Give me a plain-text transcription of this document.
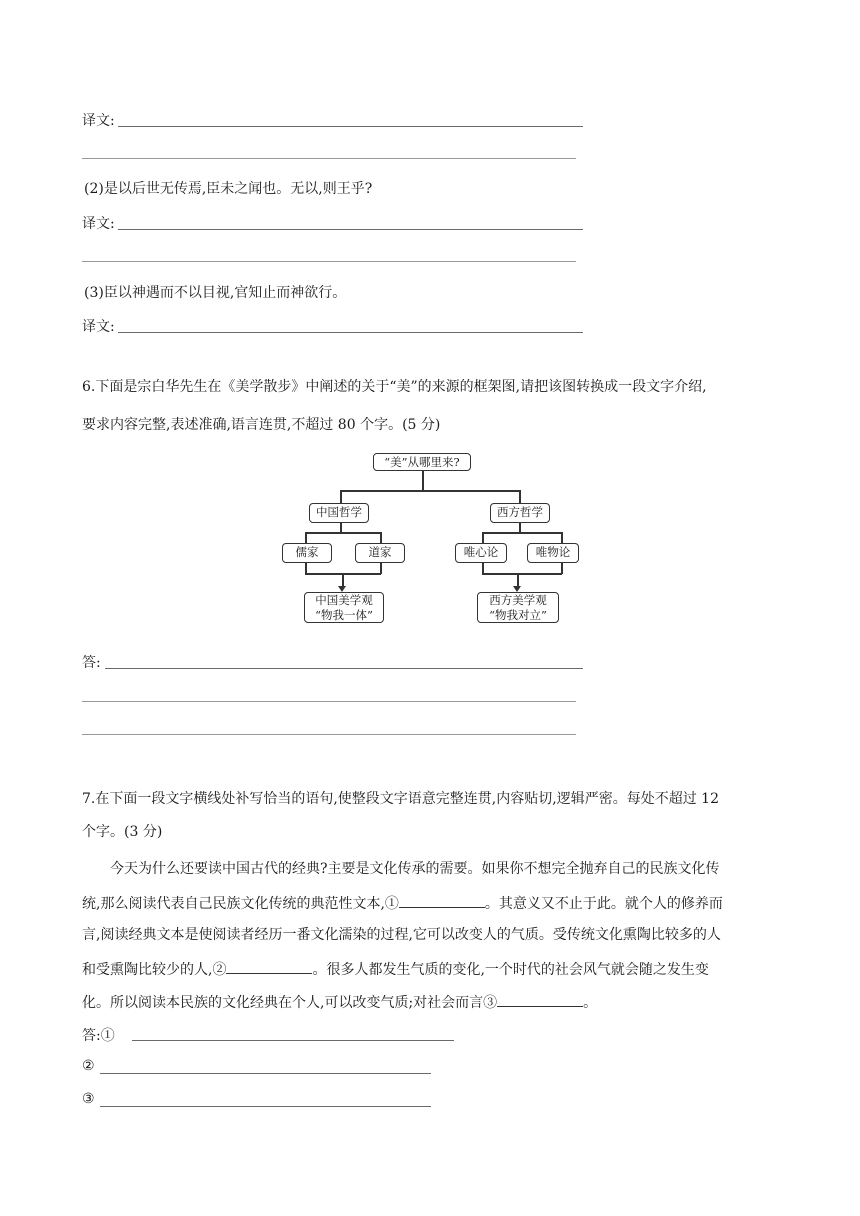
译文:
(2)是以后世无传焉,臣未之闻也。无以,则王乎?
译文:
(3)臣以神遇而不以目视,官知止而神欲行。
译文:
6.下面是宗白华先生在《美学散步》中阐述的关于“美”的来源的框架图,请把该图转换成一段文字介绍,
要求内容完整,表述准确,语言连贯,不超过 80 个字。(5 分)
“美”从哪里来?
中国哲学	西方哲学
儒家	道家	唯心论	唯物论
中国美学观
“物我一体”
西方美学观
“物我对立”
答:
7.在下面一段文字横线处补写恰当的语句,使整段文字语意完整连贯,内容贴切,逻辑严密。每处不超过 12
个字。(3 分)
今天为什么还要读中国古代的经典?主要是文化传承的需要。如果你不想完全抛弃自己的民族文化传
统,那么阅读代表自己民族文化传统的典范性文本,①	。其意义又不止于此。就个人的修养而
言,阅读经典文本是使阅读者经历一番文化濡染的过程,它可以改变人的气质。受传统文化熏陶比较多的人
和受熏陶比较少的人,②	。很多人都发生气质的变化,一个时代的社会风气就会随之发生变
化。所以阅读本民族的文化经典在个人,可以改变气质;对社会而言③	。
答:①
②
③
